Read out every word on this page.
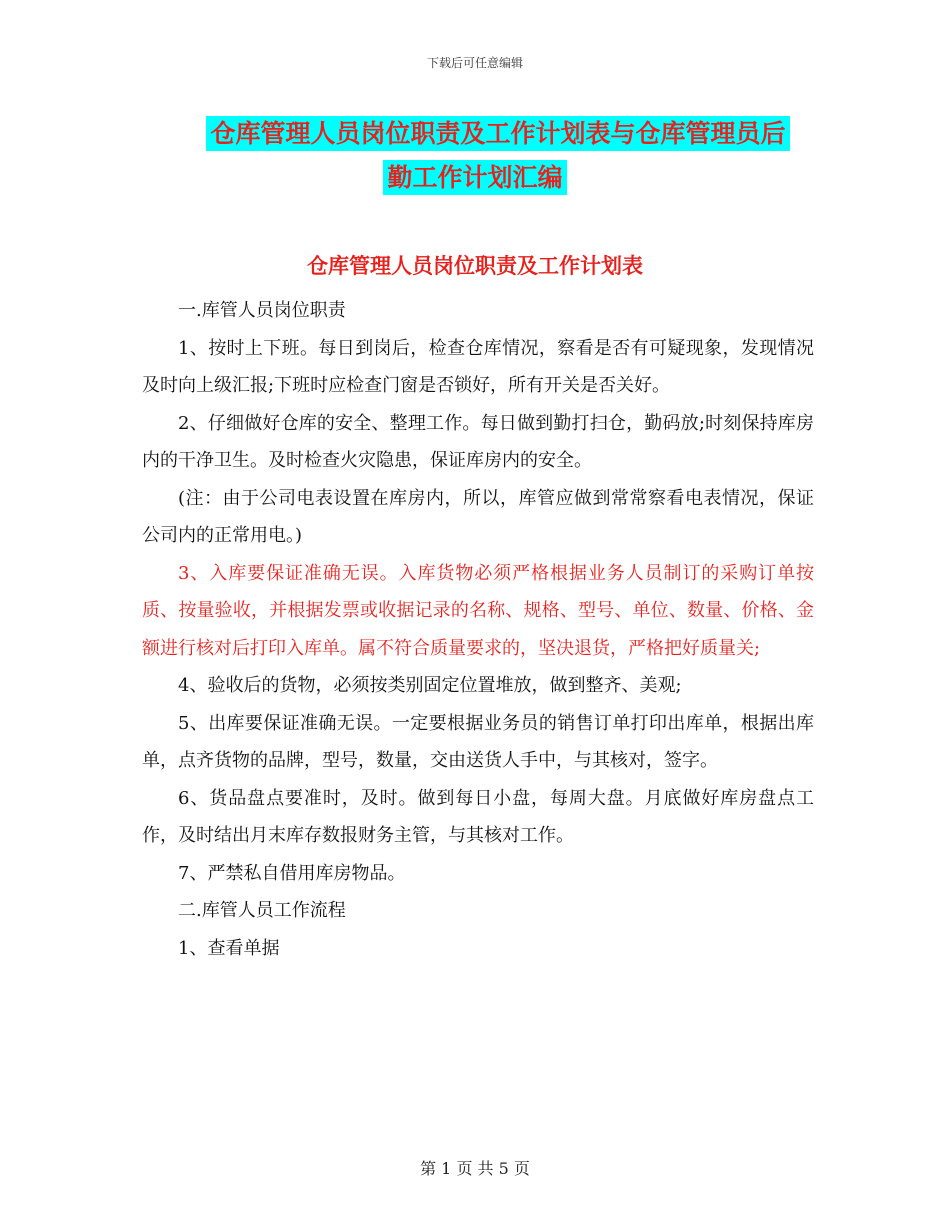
下载后可任意编辑
仓库管理人员岗位职责及工作计划表与仓库管理员后
勤工作计划汇编
仓库管理人员岗位职责及工作计划表

一.库管人员岗位职责

1、按时上下班。每日到岗后，检查仓库情况，察看是否有可疑现象，发现情况及时向上级汇报;下班时应检查门窗是否锁好，所有开关是否关好。

2、仔细做好仓库的安全、整理工作。每日做到勤打扫仓，勤码放;时刻保持库房内的干净卫生。及时检查火灾隐患，保证库房内的安全。

(注：由于公司电表设置在库房内，所以，库管应做到常常察看电表情况，保证公司内的正常用电。)

3、入库要保证准确无误。入库货物必须严格根据业务人员制订的采购订单按质、按量验收，并根据发票或收据记录的名称、规格、型号、单位、数量、价格、金额进行核对后打印入库单。属不符合质量要求的，坚决退货，严格把好质量关;

4、验收后的货物，必须按类别固定位置堆放，做到整齐、美观;

5、出库要保证准确无误。一定要根据业务员的销售订单打印出库单，根据出库单，点齐货物的品牌，型号，数量，交由送货人手中，与其核对，签字。

6、货品盘点要准时，及时。做到每日小盘，每周大盘。月底做好库房盘点工作，及时结出月末库存数报财务主管，与其核对工作。

7、严禁私自借用库房物品。

二.库管人员工作流程

1、查看单据

第 1 页 共 5 页
